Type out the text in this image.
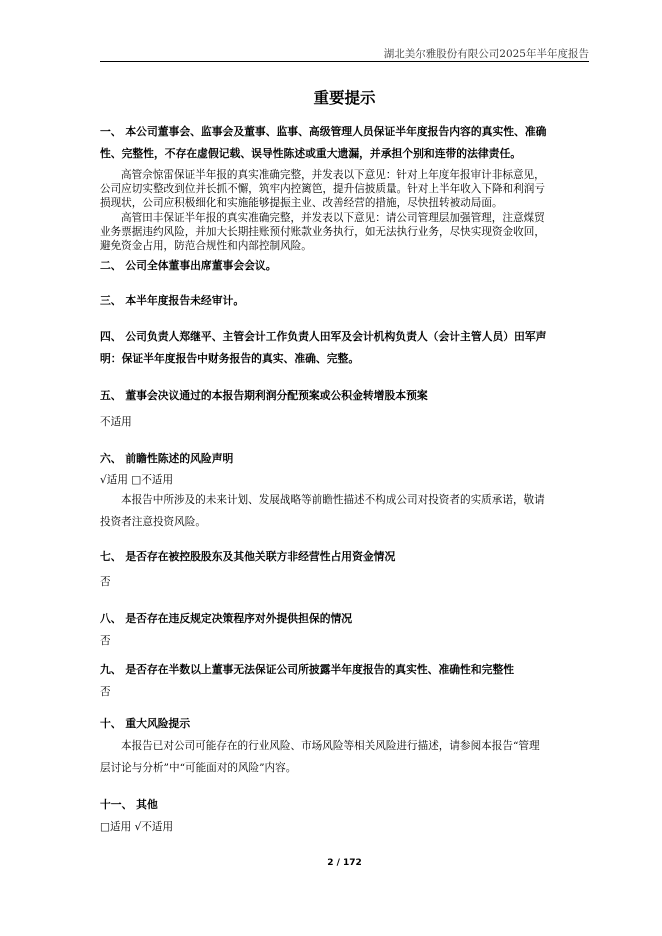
湖北美尔雅股份有限公司2025年半年度报告
重要提示
一、 本公司董事会、监事会及董事、监事、高级管理人员保证半年度报告内容的真实性、准确
性、完整性，不存在虚假记载、误导性陈述或重大遗漏，并承担个别和连带的法律责任。
高管佘惊雷保证半年报的真实准确完整，并发表以下意见：针对上年度年报审计非标意见，
公司应切实整改到位并长抓不懈，筑牢内控篱笆，提升信披质量。针对上半年收入下降和利润亏
损现状，公司应积极细化和实施能够提振主业、改善经营的措施，尽快扭转被动局面。
高管田丰保证半年报的真实准确完整，并发表以下意见：请公司管理层加强管理，注意煤贸
业务票据违约风险，并加大长期挂账预付账款业务执行，如无法执行业务，尽快实现资金收回，
避免资金占用，防范合规性和内部控制风险。
二、 公司全体董事出席董事会会议。
三、 本半年度报告未经审计。
四、 公司负责人郑继平、主管会计工作负责人田军及会计机构负责人（会计主管人员）田军声
明：保证半年度报告中财务报告的真实、准确、完整。
五、 董事会决议通过的本报告期利润分配预案或公积金转增股本预案
不适用
六、 前瞻性陈述的风险声明
√适用 □不适用
本报告中所涉及的未来计划、发展战略等前瞻性描述不构成公司对投资者的实质承诺，敬请
投资者注意投资风险。
七、 是否存在被控股股东及其他关联方非经营性占用资金情况
否
八、 是否存在违反规定决策程序对外提供担保的情况
否
九、 是否存在半数以上董事无法保证公司所披露半年度报告的真实性、准确性和完整性
否
十、 重大风险提示
本报告已对公司可能存在的行业风险、市场风险等相关风险进行描述，请参阅本报告“管理
层讨论与分析”中“可能面对的风险”内容。
十一、 其他
□适用 √不适用
2 / 172
